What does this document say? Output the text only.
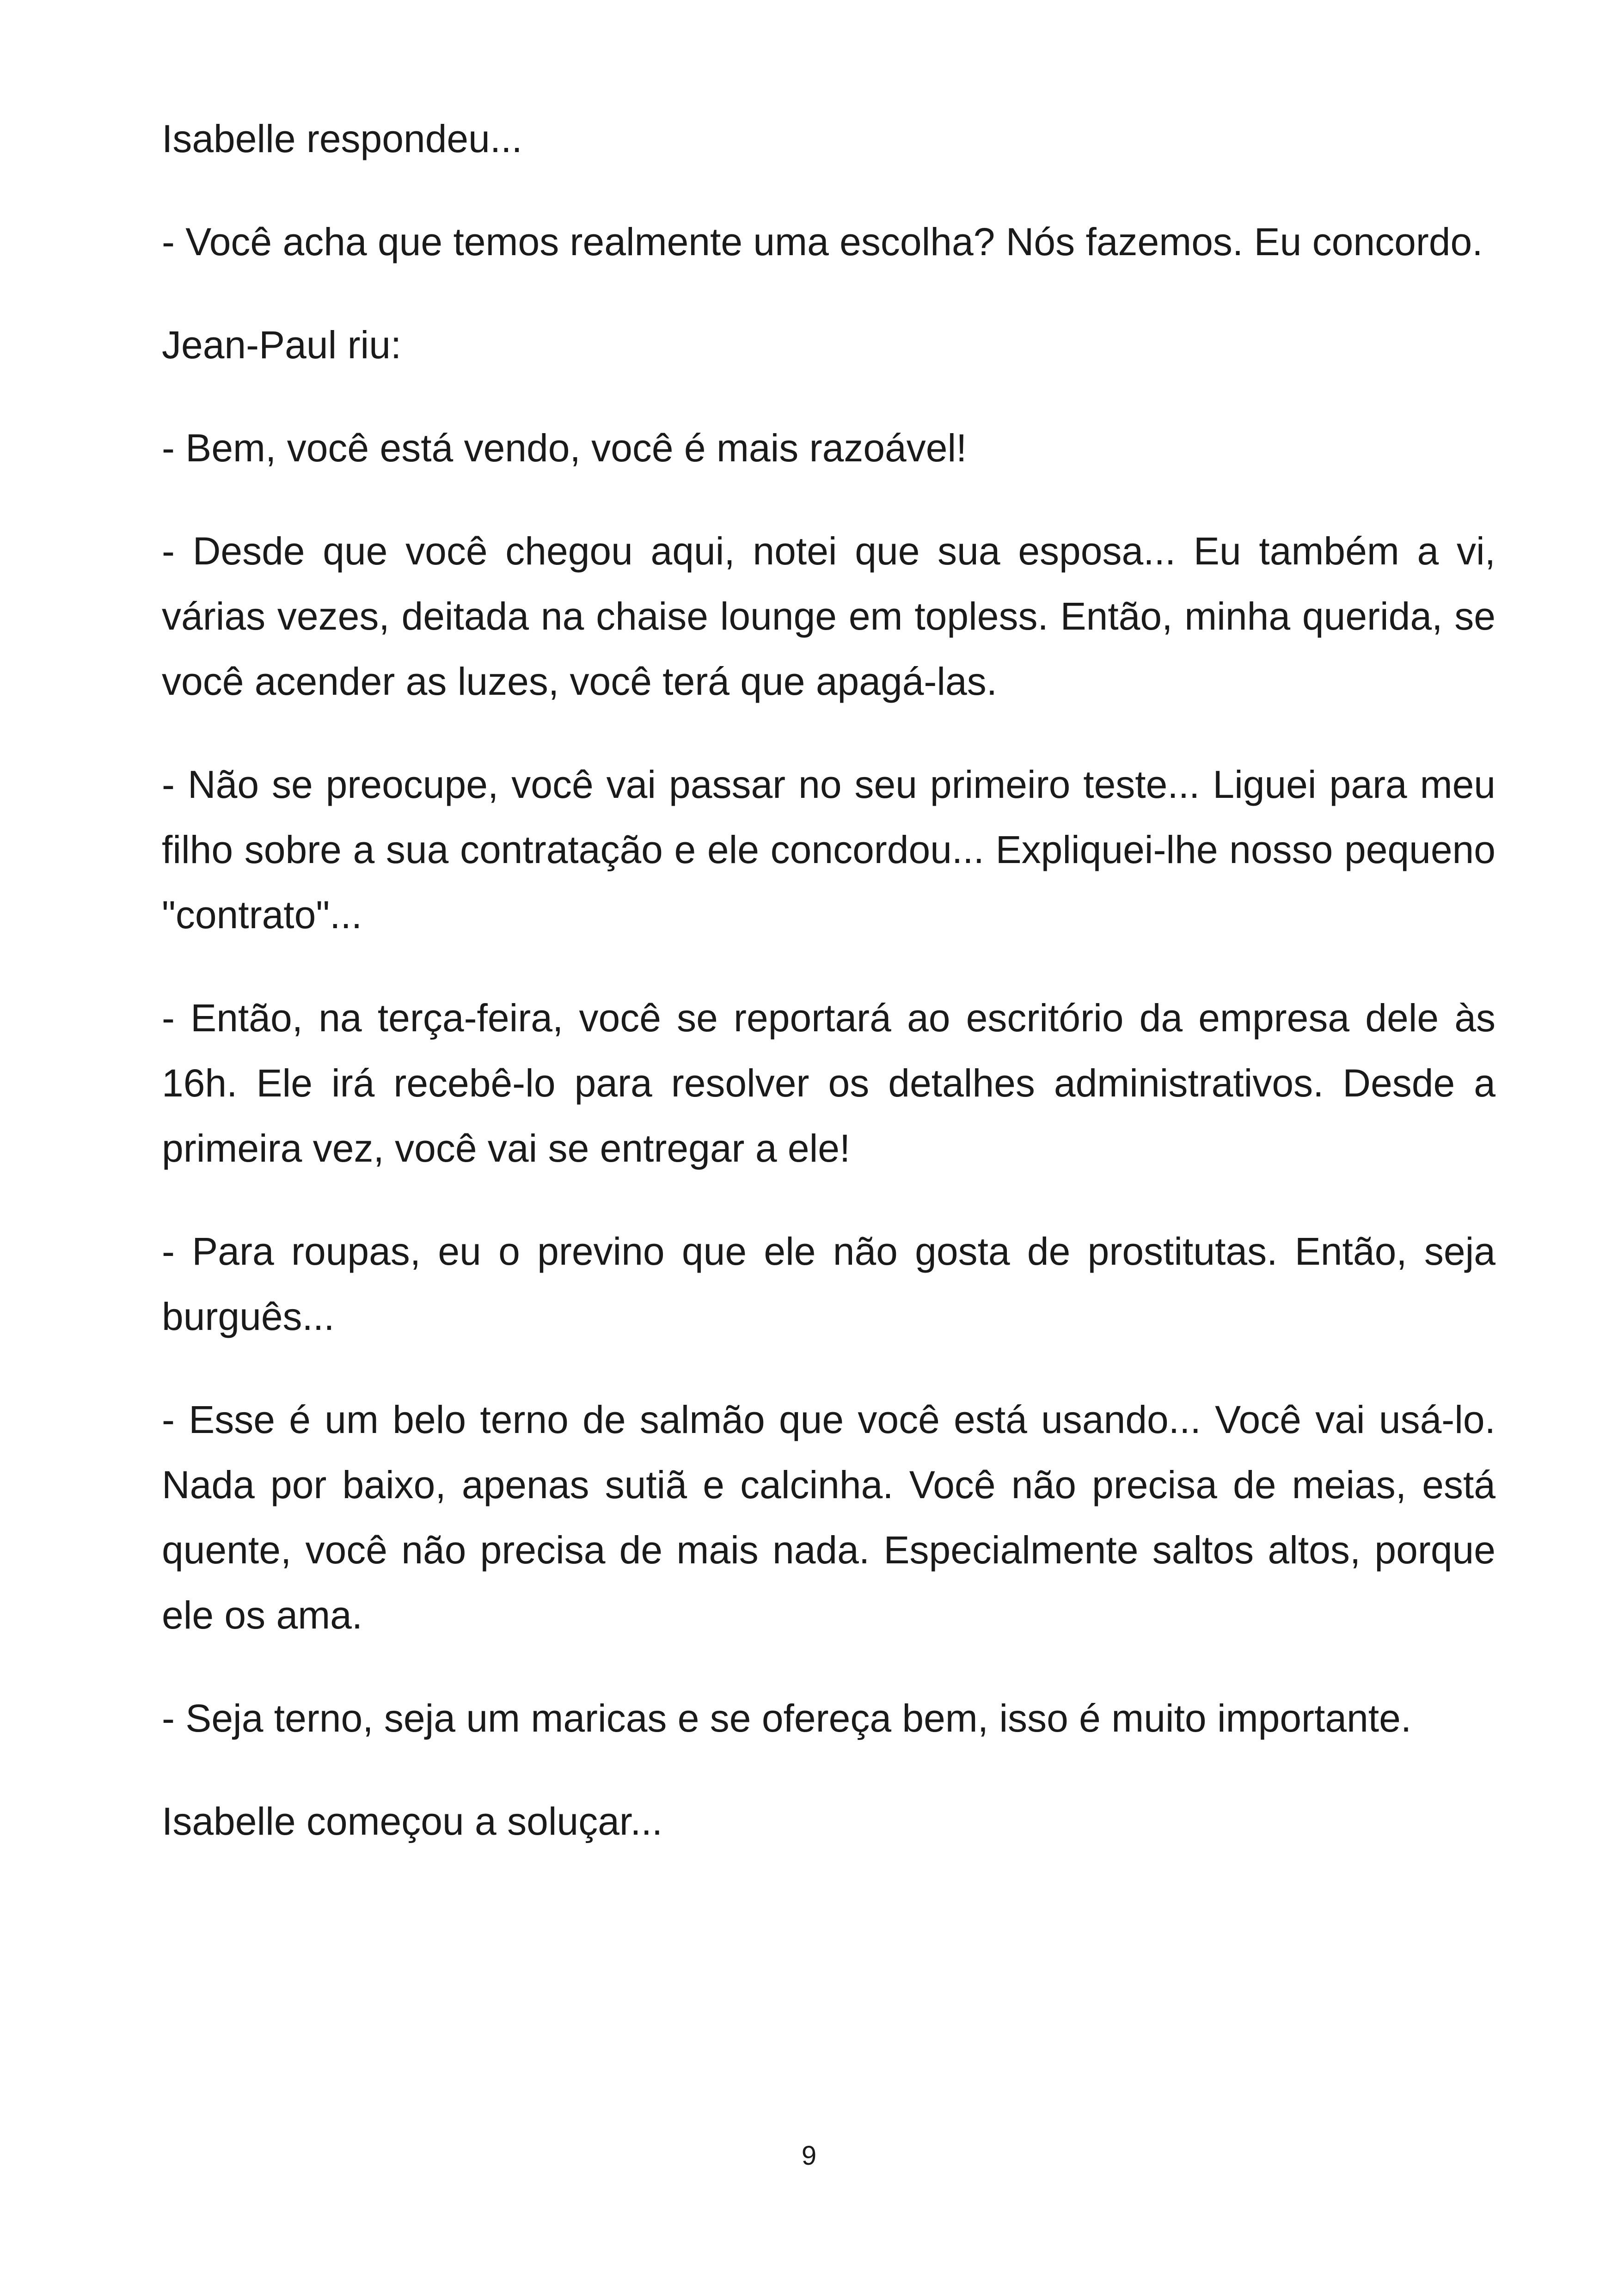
Isabelle respondeu...

- Você acha que temos realmente uma escolha? Nós fazemos. Eu concordo.

Jean-Paul riu:

- Bem, você está vendo, você é mais razoável!

- Desde que você chegou aqui, notei que sua esposa... Eu também a vi, várias vezes, deitada na chaise lounge em topless. Então, minha querida, se você acender as luzes, você terá que apagá-las.

- Não se preocupe, você vai passar no seu primeiro teste... Liguei para meu filho sobre a sua contratação e ele concordou... Expliquei-lhe nosso pequeno "contrato"...

- Então, na terça-feira, você se reportará ao escritório da empresa dele às 16h. Ele irá recebê-lo para resolver os detalhes administrativos. Desde a primeira vez, você vai se entregar a ele!

- Para roupas, eu o previno que ele não gosta de prostitutas. Então, seja burguês...

- Esse é um belo terno de salmão que você está usando... Você vai usá-lo. Nada por baixo, apenas sutiã e calcinha. Você não precisa de meias, está quente, você não precisa de mais nada. Especialmente saltos altos, porque ele os ama.

- Seja terno, seja um maricas e se ofereça bem, isso é muito importante.

Isabelle começou a soluçar...

9
